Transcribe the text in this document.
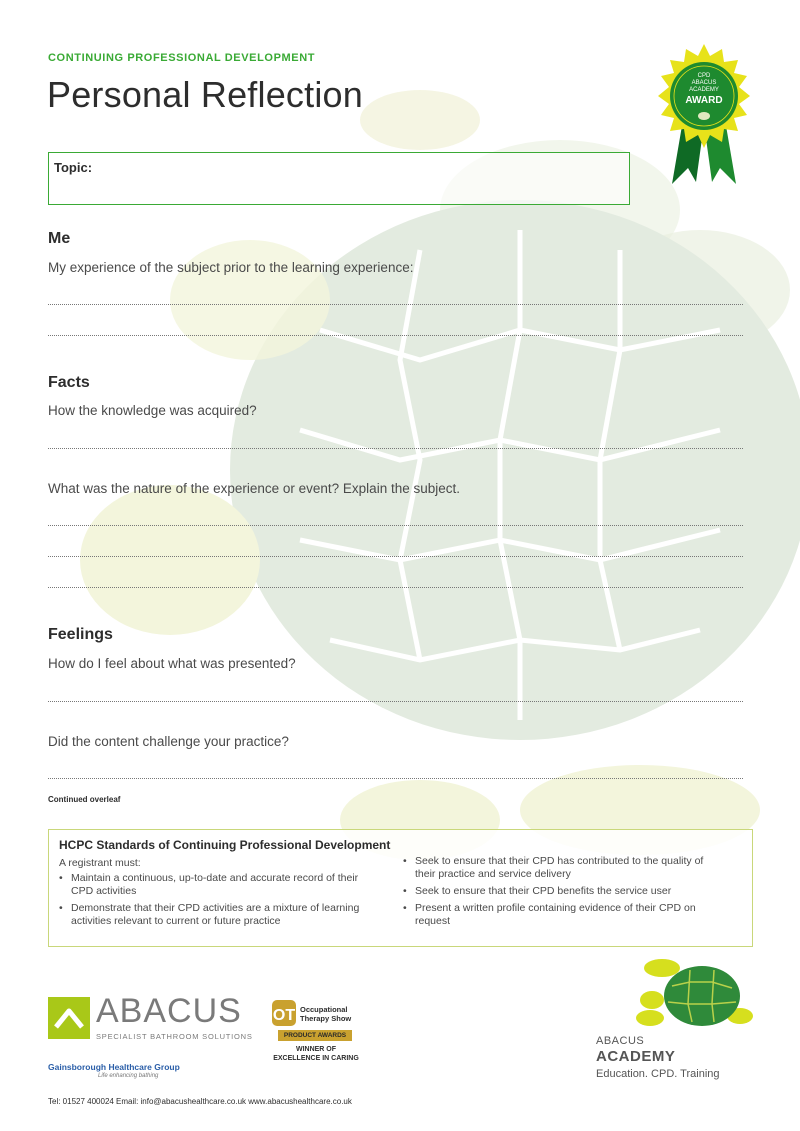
CONTINUING PROFESSIONAL DEVELOPMENT
Personal Reflection	CPD
ABACUS
ACADEMY
AWARD
Topic:
Me
My experience of the subject prior to the learning experience:
Facts
How the knowledge was acquired?
What was the nature of the experience or event? Explain the subject.
Feelings
How do I feel about what was presented?
Did the content challenge your practice?
Continued overleaf
HCPC Standards of Continuing Professional Development
A registrant must:
• Maintain a continuous, up-to-date and accurate record of their CPD activities
• Demonstrate that their CPD activities are a mixture of learning activities relevant to current or future practice
• Seek to ensure that their CPD has contributed to the quality of their practice and service delivery
• Seek to ensure that their CPD benefits the service user
• Present a written profile containing evidence of their CPD on request
ABACUS
SPECIALIST BATHROOM SOLUTIONS
Gainsborough Healthcare Group
Life enhancing bathing
OT Occupational
Therapy Show
PRODUCT AWARDS
WINNER OF
EXCELLENCE IN CARING
ABACUS
ACADEMY
Education. CPD. Training
Tel: 01527 400024 Email: info@abacushealthcare.co.uk www.abacushealthcare.co.uk
